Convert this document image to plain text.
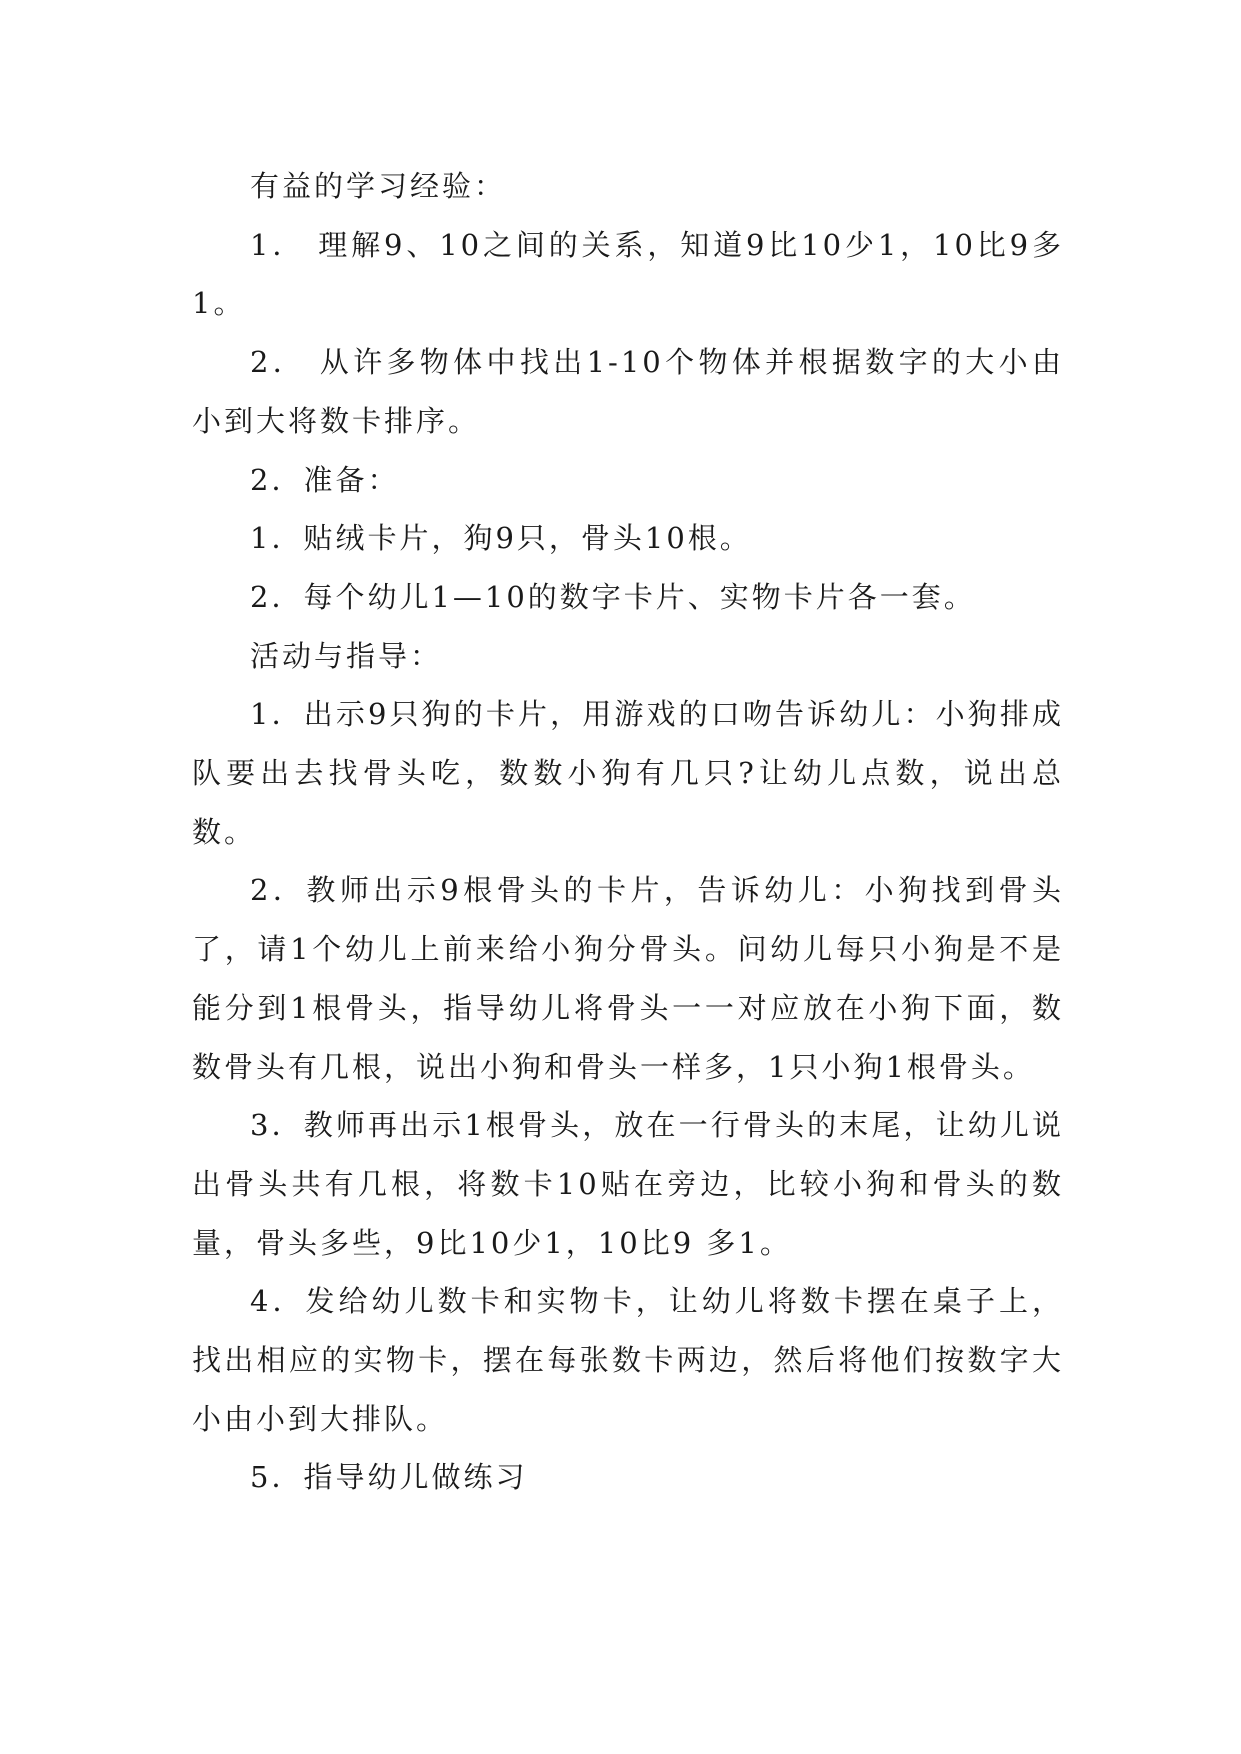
有益的学习经验：

1． 理解9、10之间的关系，知道9比10少1，10比9多1。

2． 从许多物体中找出1-10个物体并根据数字的大小由小到大将数卡排序。

2．准备：

1．贴绒卡片，狗9只，骨头10根。

2．每个幼儿1—10的数字卡片、实物卡片各一套。

活动与指导：

1．出示9只狗的卡片，用游戏的口吻告诉幼儿：小狗排成队要出去找骨头吃，数数小狗有几只?让幼儿点数，说出总数。

2．教师出示9根骨头的卡片，告诉幼儿：小狗找到骨头了，请1个幼儿上前来给小狗分骨头。问幼儿每只小狗是不是能分到1根骨头，指导幼儿将骨头一一对应放在小狗下面，数数骨头有几根，说出小狗和骨头一样多，1只小狗1根骨头。

3．教师再出示1根骨头，放在一行骨头的末尾，让幼儿说出骨头共有几根，将数卡10贴在旁边，比较小狗和骨头的数量，骨头多些，9比10少1，10比9 多1。

4．发给幼儿数卡和实物卡，让幼儿将数卡摆在桌子上，找出相应的实物卡，摆在每张数卡两边，然后将他们按数字大小由小到大排队。

5．指导幼儿做练习
